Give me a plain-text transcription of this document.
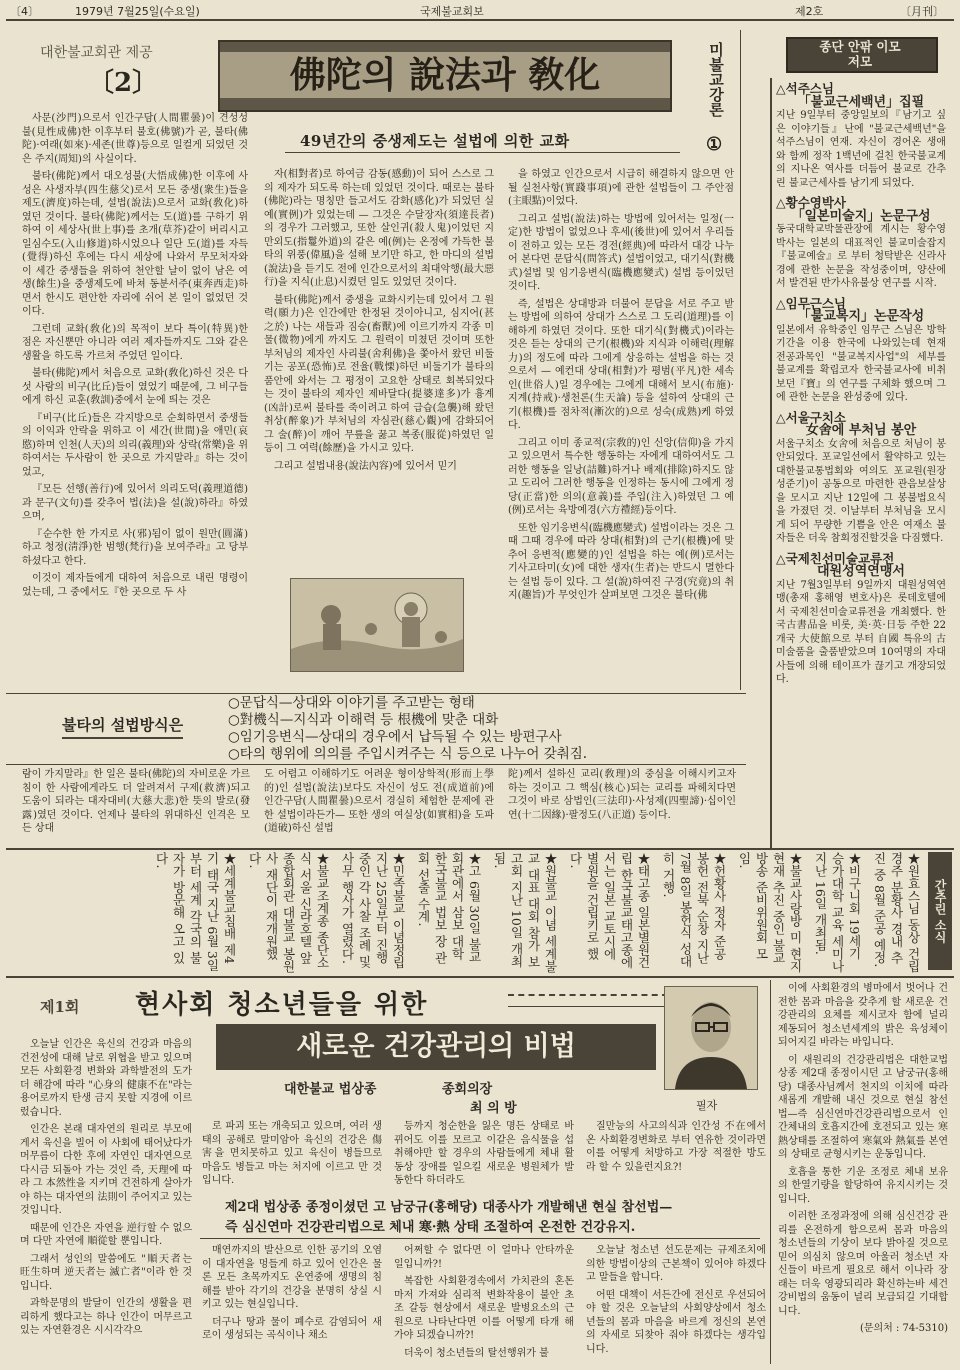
〔4〕	1979년 7월25일(수요일)	국제불교회보	제2호	〔月刊〕
대한불교회관 제공
〔2〕	佛陀의 說法과 敎化	미불교강론
①
49년간의 중생제도는 설법에 의한 교화

사문(沙門)으로서 인간구담(人間瞿曇)이 견성성불(見性成佛)한 이후부터 불호(佛號)가 곧, 불타(佛陀)·여래(如來)·세존(世尊)등으로 일컬게 되었던 것은 주지(周知)의 사실이다.

불타(佛陀)께서 대오성불(大悟成佛)한 이후에 사성은 사생자부(四生慈父)로서 모든 중생(衆生)들을 제도(濟度)하는데, 설법(說法)으로서 교화(敎化)하였던 것이다. 불타(佛陀)께서는 도(道)를 구하기 위하여 이 세상사(世上事)를 초개(草芥)같이 버리시고 일심수도(入山修道)하시었으나 일단 도(道)를 자득(覺得)하신 후에는 다시 세상에 나와서 무모처자와 이 세간 중생들을 위하여 천안할 날이 없이 남은 여생(餘生)을 중생제도에 바쳐 동분서주(東奔西走)하면서 한시도 편안한 자리에 쉬어 본 일이 없었던 것이다.

그런데 교화(敎化)의 목적이 보다 특이(特異)한 점은 자신뿐만 아니라 여러 제자들까지도 그와 같은 생활을 하도록 가르쳐 주었던 일이다.

불타(佛陀)께서 처음으로 교화(敎化)하신 것은 다섯 사람의 비구(比丘)들이 였었기 때문에, 그 비구들에게 하신 교훈(敎訓)중에서 눈에 띄는 것은

『비구(比丘)들은 각지방으로 순회하면서 중생들의 이익과 안락을 위하고 이 세간(世間)을 애민(哀愍)하며 인천(人天)의 의리(義理)와 상락(常樂)을 위하여서는 두사람이 한 곳으로 가지말라』하는 것이었고,

『모든 선행(善行)에 있어서 의리도덕(義理道德)과 문구(文句)를 갖추어 법(法)을 설(說)하라』하였으며,

『순수한 한 가지로 사(邪)됨이 없이 원만(圓滿)하고 청정(淸淨)한 범행(梵行)을 보여주라』고 당부하셨다고 한다.

이것이 제자들에게 대하여 처음으로 내린 명령이었는데, 그 중에서도『한 곳으로 두 사

자(相對者)로 하여금 감동(感動)이 되어 스스로 그의 제자가 되도록 하는데 있었던 것이다. 때로는 불타(佛陀)라는 명칭만 들고서도 감화(感化)가 되었던 실예(實例)가 있었는데 — 그것은 수달장자(須達長者)의 경우가 그러했고, 또한 살인귀(殺人鬼)이었던 지만외도(指鬘外道)의 같은 예(例)는 온정에 가득한 불타의 위풍(偉風)을 설해 보기만 하고, 한 마디의 설법(說法)을 듣기도 전에 인간으로서의 최대악행(最大惡行)을 지식(止息)시켰던 일도 있었던 것이다.

불타(佛陀)께서 중생을 교화시키는데 있어서 그 원력(願力)은 인간에만 한정된 것이아니고, 심지어(甚之於) 나는 새들과 짐승(畜獸)에 이르기까지 각종 미물(微物)에게 까지도 그 원력이 미쳤던 것이며 또한 부처님의 제자인 사리불(舍利佛)을 쫓아서 왔던 비둘기는 공포(恐怖)로 전율(戰慄)하던 비둘기가 불타의 품안에 와서는 그 평정이 고요한 상태로 회복되었다는 것이 불타의 제자인 제바달다(提婆達多)가 흉계(凶計)로써 불타를 죽이려고 하여 급습(急襲)해 왔던 취상(醉象)가 부처님의 자심관(慈心觀)에 감화되어 그 술(醉)이 깨어 무릎을 꿇고 복종(服從)하였던 일 등이 그 여력(餘歷)을 가시고 있다.

그리고 설법내용(說法內容)에 있어서 믿기

을 하였고 인간으로서 시급히 해결하지 않으면 안될 실천사항(實踐事項)에 관한 설법들이 그 주안점(主眼點)이었다.

그리고 설법(說法)하는 방법에 있어서는 일정(一定)한 방법이 없었으나 후세(後世)에 있어서 우리들이 전하고 있는 모든 경전(經典)에 따라서 대강 나누어 본다면 문답식(問答式) 설법이었고, 대기식(對機式)설법 및 임기응변식(臨機應變式) 설법 등이었던 것이다.

즉, 설법은 상대방과 더불어 문답을 서로 주고 받는 방법에 의하여 상대가 스스로 그 도리(道理)를 이해하게 하였던 것이다. 또한 대기식(對機式)이라는 것은 듣는 상대의 근기(根機)와 지식과 이해력(理解力)의 정도에 따라 그에게 상응하는 설법을 하는 것으로서 — 예컨대 상대(相對)가 평범(平凡)한 세속인(世俗人)일 경우에는 그에게 대해서 보시(布施)·지계(持戒)·생천론(生天論) 등을 설하여 상대의 근기(根機)를 점차적(漸次的)으로 성숙(成熟)케 하였다.

그리고 이미 종교적(宗敎的)인 신앙(信仰)을 가지고 있으면서 특수한 행동하는 자에게 대하여서도 그러한 행동을 일낭(詰難)하거나 배제(排除)하지도 않고 도리어 그러한 행동을 인정하는 동시에 그에게 정당(正當)한 의의(意義)를 주입(注入)하였던 그 예(例)로서는 육방예경(六方禮經)등이다.

또한 임기응변식(臨機應變式) 설법이라는 것은 그때 그때 경우에 따라 상대(相對)의 근기(根機)에 맞추어 응변적(應變的)인 설법을 하는 예(例)로서는 기사고타미(女)에 대한 생자(生者)는 반드시 멸한다는 설법 등이 있다. 그 설(說)하여진 구경(究竟)의 취지(趣旨)가 무엇인가 살펴보면 그것은 불타(佛

불타의 설법방식은
○문답식—상대와 이야기를 주고받는 형태
○對機식—지식과 이해력 등 根機에 맞춘 대화
○임기응변식—상대의 경우에서 납득될 수 있는 방편구사
○타의 행위에 의의를 주입시켜주는 식 등으로 나누어 갖춰짐.
람이 가지말라』한 일은 불타(佛陀)의 자비로운 가르침이 한 사람에게라도 더 알려져서 구제(救濟)되고 도움이 되라는 대자대비(大慈大悲)한 뜻의 발로(發露)였던 것이다. 언제나 불타의 위대하신 인격은 모든 상대
도 어렵고 이해하기도 어려운 형이상학적(形而上學的)인 설법(說法)보다도 자신이 성도 전(成道前)에 인간구담(人間瞿曇)으로서 경실히 체험한 문제에 관한 설법이라든가— 또한 생의 여실상(如實相)을 도파(道破)하신 설법
陀)께서 설하신 교리(敎理)의 중심을 이해시키고자 하는 것이고 그 핵심(核心)되는 교리를 파헤치다면 그것이 바로 삼법인(三法印)·사성제(四聖諦)·십이인연(十二因緣)·팔정도(八正道) 등이다.
종단 안팎 이모 저모
△석주스님
「불교근세백년」집필
지난 9일부터 중앙일보의『남기고 싶은 이야기들』난에 "불교근세백년"을 석주스님이 연재. 자신이 경어온 생애와 함께 정작 1백년에 걸친 한국불교계의 지나온 역사를 더듬어 불교로 간추린 불교근세사를 남기게 되었다.
△황수영박사
「일본미술지」논문구성
동국대학교박물관장에 계시는 황수영박사는 일본의 대표적인 불교미술잡지『불교예술』로 부터 청탁받은 신라사경에 관한 논문을 작성중이며, 양산에서 발견된 반가사유불상 연구를 시작.
△임무근스님
「불교복지」논문작성
일본에서 유학중인 임무근 스님은 방학기간을 이용 한국에 나와있는데 현재 전공과목인 "불교복지사업"의 세부를 불교계를 확립코자 한국불교사에 비취보던『寶』의 연구를 구체화 했으며 그에 관한 논문을 완성중에 있다.
△서울구치소
女舍에 부처님 봉안
서울구치소 女舍에 처음으로 처님이 봉안되었다. 포교일선에서 활약하고 있는 대한불교통법회와 여의도 포교원(원장 성준기)이 공동으로 마련한 관음보살상을 모시고 지난 12일에 그 봉불법요식을 가졌던 것. 이날부터 부처님을 모시게 되어 무량한 기쁨을 안은 여재소 불자들은 더욱 참회정진할것을 다짐했다.
△국제친선미술교류전
대원성역연맹서
지난 7월3일부터 9일까지 대원성역연맹(총재 홍해영 변호사)은 롯데호텔에서 국제친선미술교류전을 개최했다. 한국古書品을 비롯, 美·英·日등 주한 22개국 大使館으로 부터 自國 특유의 古미술품을 출품받았으며 10여명의 자대사들에 의해 테이프가 끊기고 개장되었다.
★원효스님 동상 건립 경주 분황사 경내 추진 중 8월 준공 예정. ★비구니회 19세기 승가대학 교육 세미나 지난 16일 개최됨. ★불교사랑방 미 현지 현재 추진 중인 불교방송 준비위원회 모임. ★헌황사 정자 준공 봉헌 전북 순창 지난 7월 8일 봉헌식 성대히 거행. ★태고종 일본별원건립 한국불교태고종에서는 일본 교토시에 별원을 건립키로 했다. ★원불교 이념 세계불교 대표 대회 참가 보고회 지난 10일 개최됨. ★고 6월 30일 불교 회관에서 삼보 대학 한국불교 법보 장 관 회 선출 수계. ★민족불교 이념정립 지난 25일부터 진행 중인 각 사찰 조례 및 사무 행사가 열렸다. ★불교조계종 종단소식 서울 신라호텔 앞 종합회관 대불교 봉원사 재단이 재개원했다. ★세계불교침배 제4기 태국 지난 6월 3일부터 세계 각국의 불자가 방문해 오고 있다.
간추린 소식
제1회 현사회 청소년들을 위한
새로운 건강관리의 비법
대한불교 법상종	종회의장
최 의 방	필자
제2대 법상종 종정이셨던 고 남궁규(홍해당) 대종사가 개발해낸 현실 참선법—
즉 심신연마 건강관리법으로 체내 寒·熱 상태 조절하여 온전한 건강유지.

오늘날 인간은 육신의 건강과 마음의 건전성에 대해 날로 위협을 받고 있으며 모든 사회환경 변화와 과학발전의 도가 더 해감에 따라 "心身의 健康不在"라는 용어로까지 탄생 금지 못할 지경에 이르렀습니다.

인간은 본래 대자연의 원리로 부모에게서 육신을 빌어 이 사회에 태어났다가 머무름이 다한 후에 자연인 대자연으로 다시금 되돌아 가는 것인 즉, 天理에 따라 그 本然性을 지키며 건전하게 살아가야 하는 대자연의 法則이 주어지고 있는 것입니다.

때문에 인간은 자연을 逆行할 수 없으며 다만 자연에 順從할 뿐입니다.

그래서 성인의 말씀에도 "順天者는 旺生하며 逆天者는 滅亡者"이라 한 것입니다.

과학문명의 발달이 인간의 생활을 편리하게 했다고는 하나 인간이 머무르고 있는 자연환경은 시시각각으

로 파괴 또는 개축되고 있으며, 여러 생태의 공해로 말미암아 육신의 건강은 傷害을 면치못하고 있고 육신이 병들므로 마음도 병들고 마는 처지에 이르고 만 것입니다.

매연까지의 발산으로 인한 공기의 오염이 대자연을 멍들게 하고 있어 인간은 물론 모든 초목까지도 온연중에 생명의 침해를 받아 각기의 건강을 분명히 상실 시키고 있는 현실입니다.

더구나 땅과 물이 폐수로 감염되어 새로이 생성되는 곡식이나 채소

등까지 청순한을 잃은 명든 상태로 바뀌어도 이를 모르고 이같은 음식물을 섭취해야만 할 경우의 사람들에게 체내 활동상 장애를 일으킬 새로운 병원체가 발동한다 하더라도

어쩌할 수 없다면 이 얼마나 안타까운 일입니까?!

복잡한 사회환경속에서 가치관의 혼돈마저 가져와 심리적 변화작용이 불안 초조 갈등 현상에서 새로운 발병요소의 근원으로 나타난다면 이를 어떻게 타개 해가야 되겠습니까?!

더욱이 청소년들의 탈선행위가 불

질만능의 사고의식과 인간성 不在에서 온 사회환경변화로 부터 연유한 것이라면 이를 어떻게 처방하고 가장 적절한 방도라 할 수 있을런지요?!

오늘날 청소년 선도문제는 규제조치에 의한 방법이상의 근본책이 있어야 하겠다고 말들을 합니다.

어떤 대책이 서든간에 전신로 우선되어야 할 것은 오늘날의 사회양상에서 청소년들의 몸과 마음을 바르게 정신의 본연의 자세로 되찾아 줘야 하겠다는 생각입니다.

이에 사회환경의 병마에서 벗어나 건전한 몸과 마음을 갖추게 할 새로운 건강관리의 요체를 제시코자 함에 널리 제동되어 청소년세계의 밝은 육성체이 되어지길 바라는 바입니다.

이 새원리의 건강관리법은 대한교법상종 제2대 종정이시던 고 남궁규(홍해당) 대종사님께서 천지의 이치에 따라 새롭게 개발해 내신 것으로 현실 참선법—즉 심신연마건강관리법으로서 인간체내의 호흡지간에 호전되고 있는 寒熱상태를 조절하여 寒氣와 熱氣를 본연의 상태로 균형시키는 운동입니다.

호흡을 통한 기운 조정로 체내 보유의 한열기량을 할당하여 유지시키는 것입니다.

이러한 조정과정에 의해 심신건강 관리를 온전하게 함으로써 몸과 마음의 청소년들의 기상이 보다 밝아질 것으로 믿어 의심치 않으며 아울러 청소년 자신들이 바르게 필요로 해서 이나라 장래는 더욱 영광되리라 확신하는바 세건강비법의 움동이 널리 보급되길 기대합니다.

(문의처 : 74-5310)
